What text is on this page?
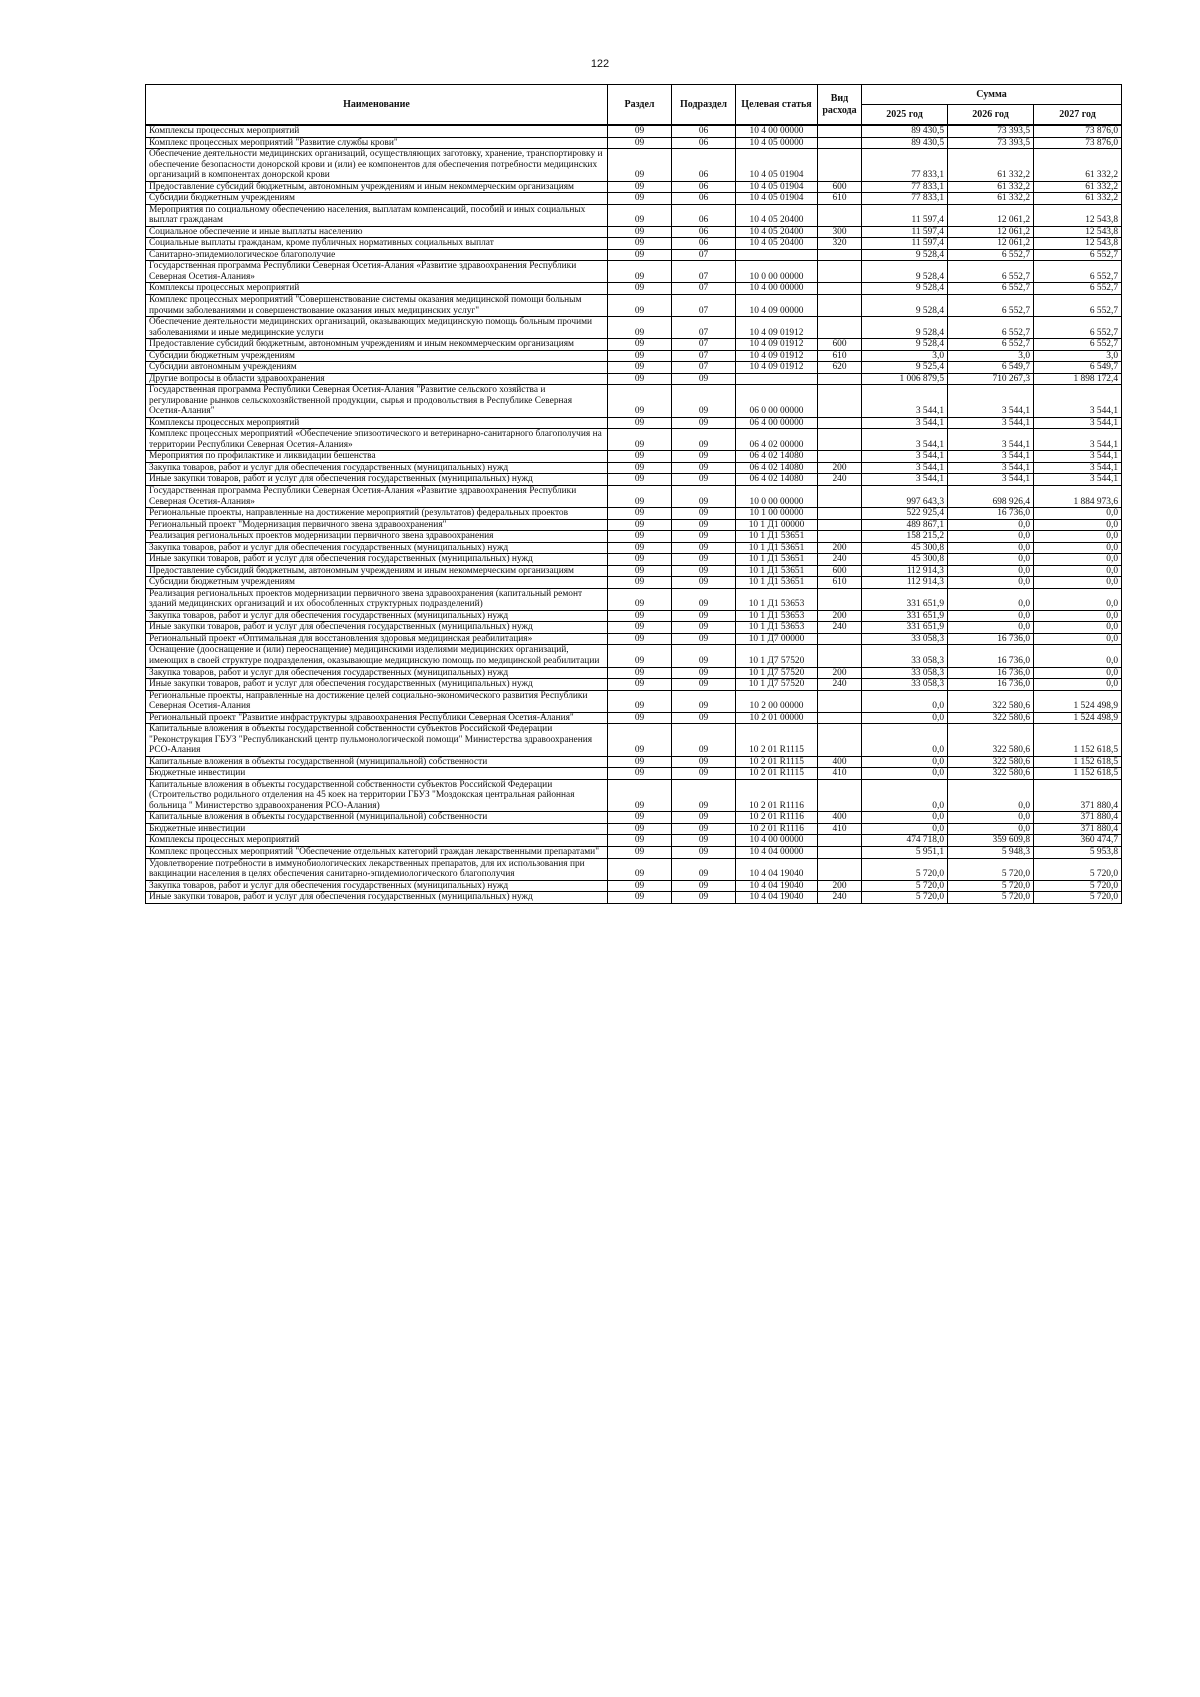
122
Наименование	Раздел	Подраздел	Целевая статья	Вид расхода	Сумма		
					2025 год	2026 год	2027 год
Комплексы процессных мероприятий	09	06	10 4 00 00000		89 430,5	73 393,5	73 876,0
Комплекс процессных мероприятий "Развитие службы крови"	09	06	10 4 05 00000		89 430,5	73 393,5	73 876,0
Обеспечение деятельности медицинских организаций, осуществляющих заготовку, хранение, транспортировку и обеспечение безопасности донорской крови и (или) ее компонентов для обеспечения потребности медицинских организаций в компонентах донорской крови	09	06	10 4 05 01904		77 833,1	61 332,2	61 332,2
Предоставление субсидий бюджетным, автономным учреждениям и иным некоммерческим организациям	09	06	10 4 05 01904	600	77 833,1	61 332,2	61 332,2
Субсидии бюджетным учреждениям	09	06	10 4 05 01904	610	77 833,1	61 332,2	61 332,2
Мероприятия по социальному обеспечению населения, выплатам компенсаций, пособий и иных социальных выплат гражданам	09	06	10 4 05 20400		11 597,4	12 061,2	12 543,8
Социальное обеспечение и иные выплаты населению	09	06	10 4 05 20400	300	11 597,4	12 061,2	12 543,8
Социальные выплаты гражданам, кроме публичных нормативных социальных выплат	09	06	10 4 05 20400	320	11 597,4	12 061,2	12 543,8
Санитарно-эпидемиологическое благополучие	09	07			9 528,4	6 552,7	6 552,7
Государственная программа Республики Северная Осетия-Алания «Развитие здравоохранения Республики Северная Осетия-Алания»	09	07	10 0 00 00000		9 528,4	6 552,7	6 552,7
Комплексы процессных мероприятий	09	07	10 4 00 00000		9 528,4	6 552,7	6 552,7
Комплекс процессных мероприятий "Совершенствование системы оказания медицинской помощи больным прочими заболеваниями и совершенствование оказания иных медицинских услуг"	09	07	10 4 09 00000		9 528,4	6 552,7	6 552,7
Обеспечение деятельности медицинских организаций, оказывающих медицинскую помощь больным прочими заболеваниями и иные медицинские услуги	09	07	10 4 09 01912		9 528,4	6 552,7	6 552,7
Предоставление субсидий бюджетным, автономным учреждениям и иным некоммерческим организациям	09	07	10 4 09 01912	600	9 528,4	6 552,7	6 552,7
Субсидии бюджетным учреждениям	09	07	10 4 09 01912	610	3,0	3,0	3,0
Субсидии автономным учреждениям	09	07	10 4 09 01912	620	9 525,4	6 549,7	6 549,7
Другие вопросы в области здравоохранения	09	09			1 006 879,5	710 267,3	1 898 172,4
Государственная программа Республики Северная Осетия-Алания "Развитие сельского хозяйства и регулирование рынков сельскохозяйственной продукции, сырья и продовольствия в Республике Северная Осетия-Алания"	09	09	06 0 00 00000		3 544,1	3 544,1	3 544,1
Комплексы процессных мероприятий	09	09	06 4 00 00000		3 544,1	3 544,1	3 544,1
Комплекс процессных мероприятий «Обеспечение эпизоотического и ветеринарно-санитарного благополучия на территории Республики Северная Осетия-Алания»	09	09	06 4 02 00000		3 544,1	3 544,1	3 544,1
Мероприятия по профилактике и ликвидации бешенства	09	09	06 4 02 14080		3 544,1	3 544,1	3 544,1
Закупка товаров, работ и услуг для обеспечения государственных (муниципальных) нужд	09	09	06 4 02 14080	200	3 544,1	3 544,1	3 544,1
Иные закупки товаров, работ и услуг для обеспечения государственных (муниципальных) нужд	09	09	06 4 02 14080	240	3 544,1	3 544,1	3 544,1
Государственная программа Республики Северная Осетия-Алания «Развитие здравоохранения Республики Северная Осетия-Алания»	09	09	10 0 00 00000		997 643,3	698 926,4	1 884 973,6
Региональные проекты, направленные на достижение мероприятий (результатов) федеральных проектов	09	09	10 1 00 00000		522 925,4	16 736,0	0,0
Региональный проект "Модернизация первичного звена здравоохранения"	09	09	10 1 Д1 00000		489 867,1	0,0	0,0
Реализация региональных проектов модернизации первичного звена здравоохранения	09	09	10 1 Д1 53651		158 215,2	0,0	0,0
Закупка товаров, работ и услуг для обеспечения государственных (муниципальных) нужд	09	09	10 1 Д1 53651	200	45 300,8	0,0	0,0
Иные закупки товаров, работ и услуг для обеспечения государственных (муниципальных) нужд	09	09	10 1 Д1 53651	240	45 300,8	0,0	0,0
Предоставление субсидий бюджетным, автономным учреждениям и иным некоммерческим организациям	09	09	10 1 Д1 53651	600	112 914,3	0,0	0,0
Субсидии бюджетным учреждениям	09	09	10 1 Д1 53651	610	112 914,3	0,0	0,0
Реализация региональных проектов модернизации первичного звена здравоохранения (капитальный ремонт зданий медицинских организаций и их обособленных структурных подразделений)	09	09	10 1 Д1 53653		331 651,9	0,0	0,0
Закупка товаров, работ и услуг для обеспечения государственных (муниципальных) нужд	09	09	10 1 Д1 53653	200	331 651,9	0,0	0,0
Иные закупки товаров, работ и услуг для обеспечения государственных (муниципальных) нужд	09	09	10 1 Д1 53653	240	331 651,9	0,0	0,0
Региональный проект «Оптимальная для восстановления здоровья медицинская реабилитация»	09	09	10 1 Д7 00000		33 058,3	16 736,0	0,0
Оснащение (дооснащение и (или) переоснащение) медицинскими изделиями медицинских организаций, имеющих в своей структуре подразделения, оказывающие медицинскую помощь по медицинской реабилитации	09	09	10 1 Д7 57520		33 058,3	16 736,0	0,0
Закупка товаров, работ и услуг для обеспечения государственных (муниципальных) нужд	09	09	10 1 Д7 57520	200	33 058,3	16 736,0	0,0
Иные закупки товаров, работ и услуг для обеспечения государственных (муниципальных) нужд	09	09	10 1 Д7 57520	240	33 058,3	16 736,0	0,0
Региональные проекты, направленные на достижение целей социально-экономического развития Республики Северная Осетия-Алания	09	09	10 2 00 00000		0,0	322 580,6	1 524 498,9
Региональный проект "Развитие инфраструктуры здравоохранения Республики Северная Осетия-Алания"	09	09	10 2 01 00000		0,0	322 580,6	1 524 498,9
Капитальные вложения в объекты государственной собственности субъектов Российской Федерации "Реконструкция ГБУЗ "Республиканский центр пульмонологической помощи" Министерства здравоохранения РСО-Алания	09	09	10 2 01 R1115		0,0	322 580,6	1 152 618,5
Капитальные вложения в объекты государственной (муниципальной) собственности	09	09	10 2 01 R1115	400	0,0	322 580,6	1 152 618,5
Бюджетные инвестиции	09	09	10 2 01 R1115	410	0,0	322 580,6	1 152 618,5
Капитальные вложения в объекты государственной собственности субъектов Российской Федерации (Строительство родильного отделения на 45 коек на территории ГБУЗ "Моздокская центральная районная больница " Министерство здравоохранения РСО-Алания)	09	09	10 2 01 R1116		0,0	0,0	371 880,4
Капитальные вложения в объекты государственной (муниципальной) собственности	09	09	10 2 01 R1116	400	0,0	0,0	371 880,4
Бюджетные инвестиции	09	09	10 2 01 R1116	410	0,0	0,0	371 880,4
Комплексы процессных мероприятий	09	09	10 4 00 00000		474 718,0	359 609,8	360 474,7
Комплекс процессных мероприятий "Обеспечение отдельных категорий граждан лекарственными препаратами"	09	09	10 4 04 00000		5 951,1	5 948,3	5 953,8
Удовлетворение потребности в иммунобиологических лекарственных препаратов, для их использования при вакцинации населения в целях обеспечения санитарно-эпидемиологического благополучия	09	09	10 4 04 19040		5 720,0	5 720,0	5 720,0
Закупка товаров, работ и услуг для обеспечения государственных (муниципальных) нужд	09	09	10 4 04 19040	200	5 720,0	5 720,0	5 720,0
Иные закупки товаров, работ и услуг для обеспечения государственных (муниципальных) нужд	09	09	10 4 04 19040	240	5 720,0	5 720,0	5 720,0
